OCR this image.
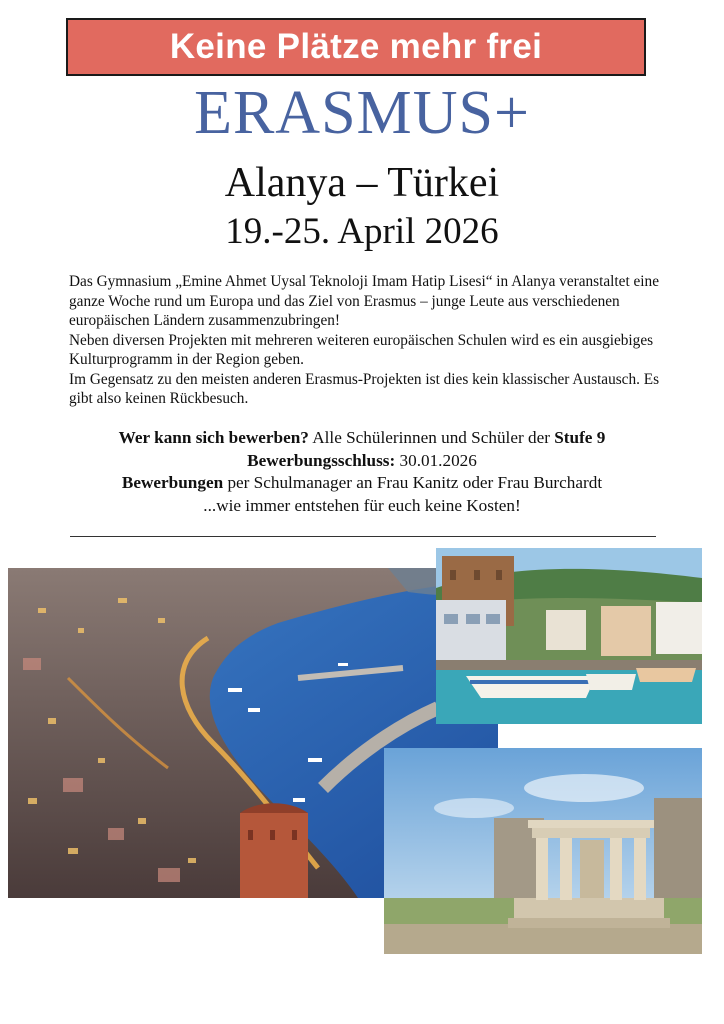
Keine Plätze mehr frei
ERASMUS+
Alanya – Türkei
19.-25. April 2026

Das Gymnasium „Emine Ahmet Uysal Teknoloji Imam Hatip Lisesi“ in Alanya veranstaltet eine ganze Woche rund um Europa und das Ziel von Erasmus – junge Leute aus verschiedenen europäischen Ländern zusammenzubringen!

Neben diversen Projekten mit mehreren weiteren europäischen Schulen wird es ein ausgiebiges Kulturprogramm in der Region geben.

Im Gegensatz zu den meisten anderen Erasmus-Projekten ist dies kein klassischer Austausch. Es gibt also keinen Rückbesuch.

Wer kann sich bewerben? Alle Schülerinnen und Schüler der Stufe 9

Bewerbungsschluss: 30.01.2026

Bewerbungen per Schulmanager an Frau Kanitz oder Frau Burchardt

...wie immer entstehen für euch keine Kosten!
